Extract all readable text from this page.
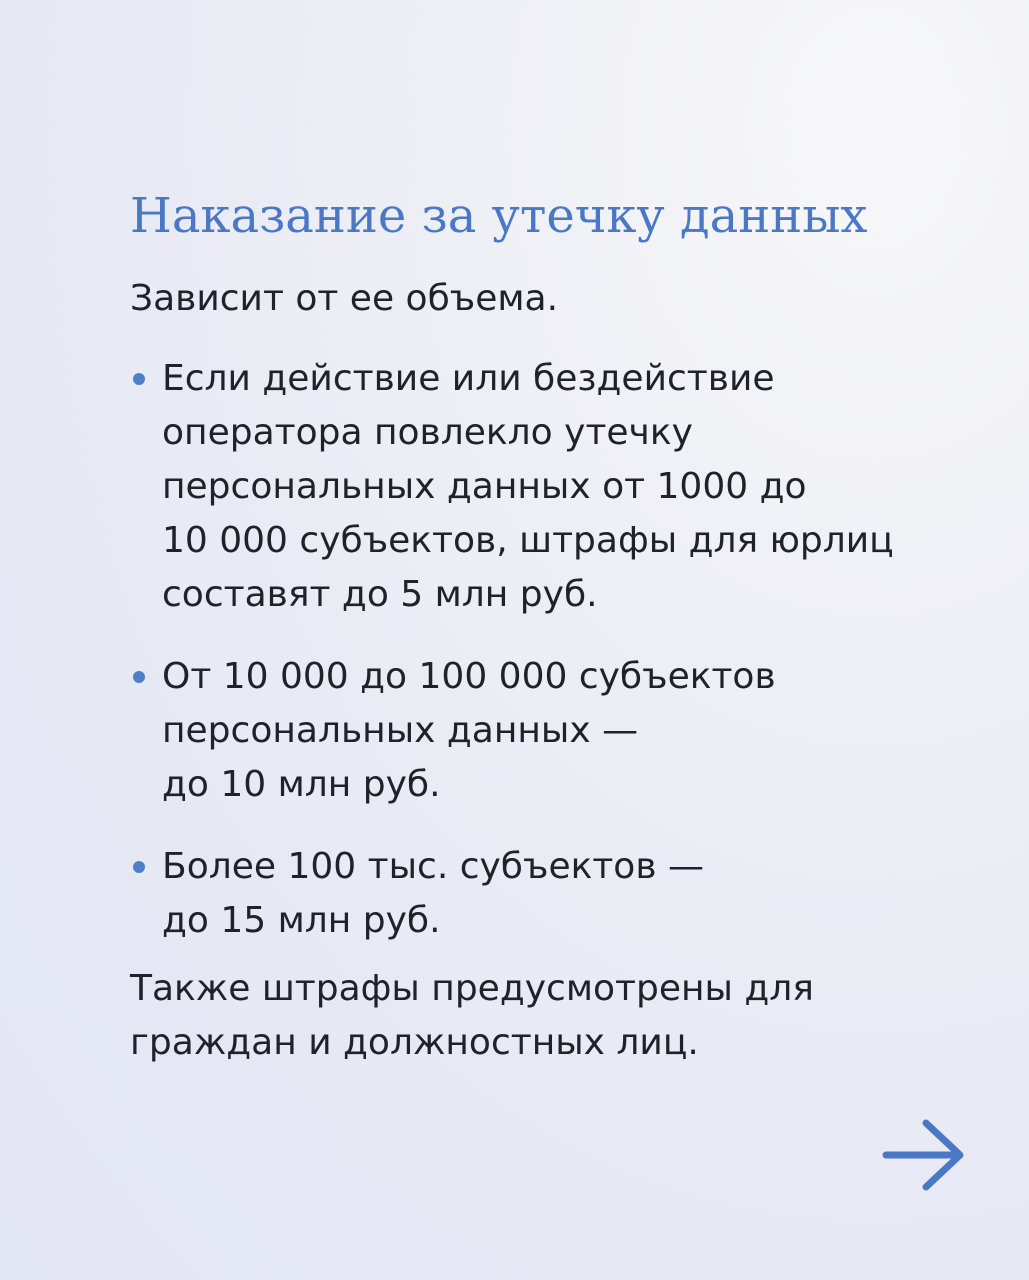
Наказание за утечку данных

Зависит от ее объема.

Если действие или бездействие
оператора повлекло утечку
персональных данных от 1000 до
10 000 субъектов, штрафы для юрлиц
составят до 5 млн руб.
От 10 000 до 100 000 субъектов
персональных данных —
до 10 млн руб.
Более 100 тыс. субъектов —
до 15 млн руб.

Также штрафы предусмотрены для
граждан и должностных лиц.
